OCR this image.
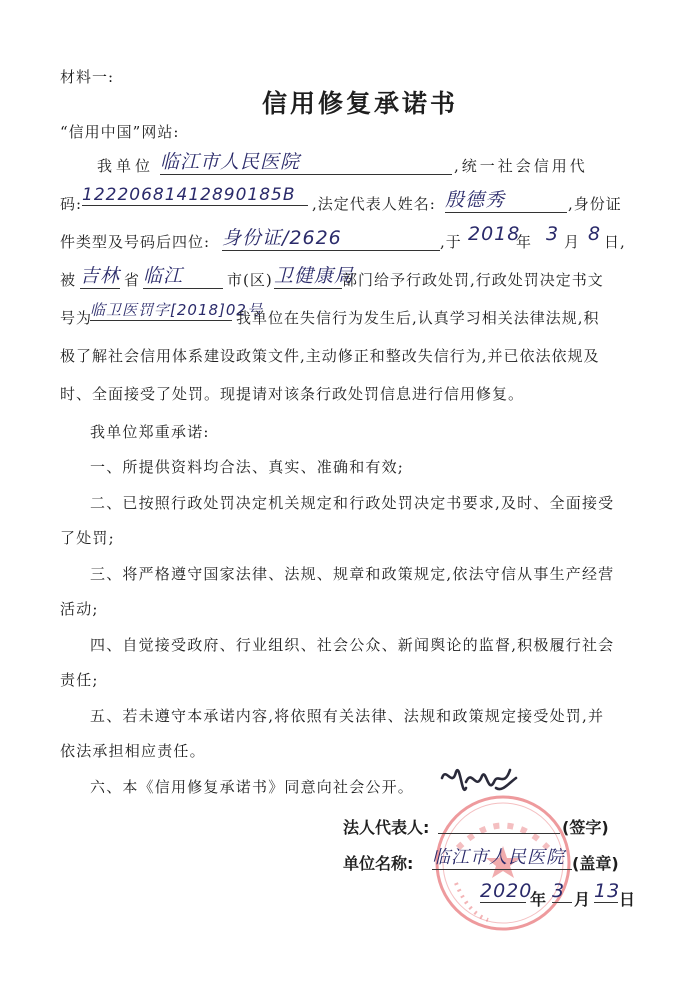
材料一:
信用修复承诺书
“信用中国”网站:
我单位 临江市人民医院	,统一社会信用代
码: 12220681412890185B	,法定代表人姓名: 殷德秀	,身份证
件类型及号码后四位: 身份证/2626	,于 2018
年 3 月 8 日,
被 吉林 省 临江	市(区) 卫健康局
部门给予行政处罚,行政处罚决定书文
号为
临卫医罚字[2018]02号
我单位在失信行为发生后,认真学习相关法律法规,积
极了解社会信用体系建设政策文件,主动修正和整改失信行为,并已依法依规及
时、全面接受了处罚。现提请对该条行政处罚信息进行信用修复。
我单位郑重承诺:
一、所提供资料均合法、真实、准确和有效;
二、已按照行政处罚决定机关规定和行政处罚决定书要求,及时、全面接受
了处罚;
三、将严格遵守国家法律、法规、规章和政策规定,依法守信从事生产经营
活动;
四、自觉接受政府、行业组织、社会公众、新闻舆论的监督,积极履行社会
责任;
五、若未遵守本承诺内容,将依照有关法律、法规和政策规定接受处罚,并
依法承担相应责任。
六、本《信用修复承诺书》同意向社会公开。
法人代表人:	(签字)
单位名称: 临江市人民医院 (盖章)
2020
年 3 月 13
日
